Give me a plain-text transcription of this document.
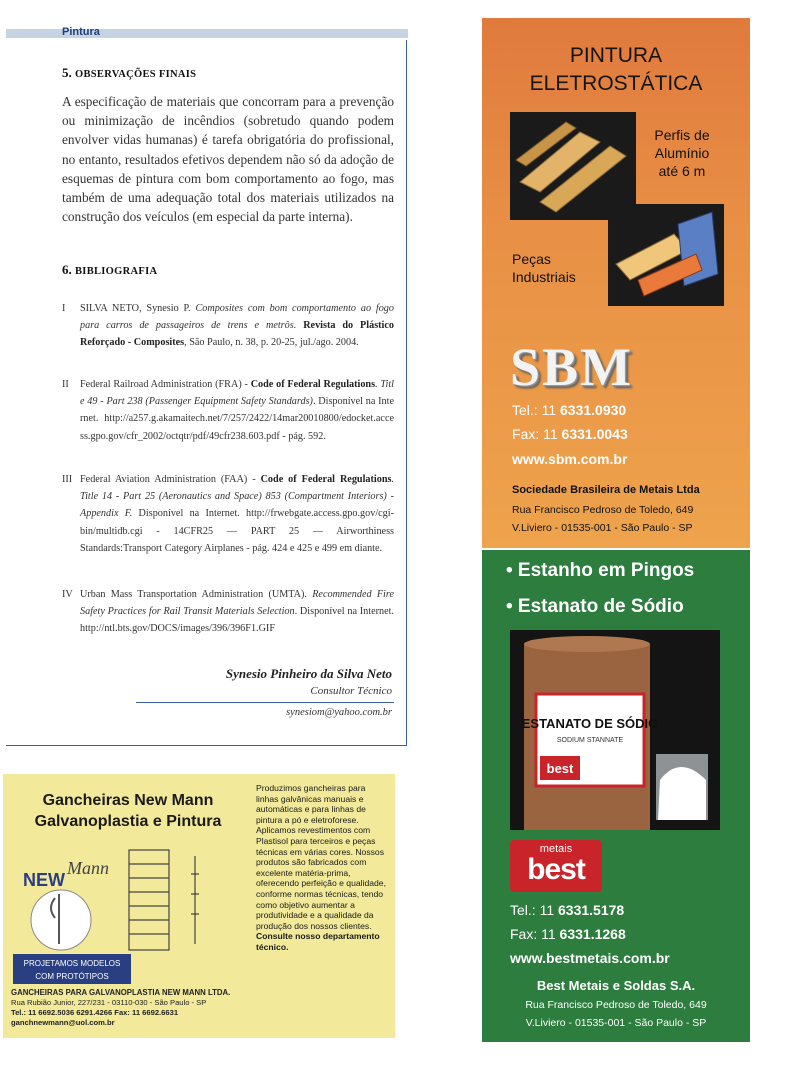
Pintura
5. OBSERVAÇÕES FINAIS
A especificação de materiais que concorram para a prevenção ou minimização de incêndios (sobretudo quando podem envolver vidas humanas) é tarefa obrigatória do profissional, no entanto, resultados efetivos dependem não só da adoção de esquemas de pintura com bom comportamento ao fogo, mas também de uma adequação total dos materiais utilizados na construção dos veículos (em especial da parte interna).
6. BIBLIOGRAFIA
I	SILVA NETO, Synesio P. Composites com bom comportamento ao fogo para carros de passageiros de trens e metrôs. Revista do Plástico Reforçado - Composites, São Paulo, n. 38, p. 20-25, jul./ago. 2004.
II	Federal Railroad Administration (FRA) - Code of Federal Regulations. Title 49 - Part 238 (Passenger Equipment Safety Standards). Disponível na Internet. http://a257.g.akamaitech.net/7/257/2422/14mar20010800/edocket.access.gpo.gov/cfr_2002/octqtr/pdf/49cfr238.603.pdf - pág. 592.
III Federal Aviation Administration (FAA) - Code of Federal Regulations. Title 14 - Part 25 (Aeronautics and Space) 853 (Compartment Interiors) - Appendix F. Disponível na Internet. http://frwebgate.access.gpo.gov/cgi-bin/multidb.cgi - 14CFR25 — PART 25 — Airworthiness Standards:Transport Category Airplanes - pág. 424 e 425 e 499 em diante.
IV Urban Mass Transportation Administration (UMTA). Recommended Fire Safety Practices for Rail Transit Materials Selection. Disponível na Internet. http://ntl.bts.gov/DOCS/images/396/396F1.GIF
Synesio Pinheiro da Silva Neto
Consultor Técnico
synesiom@yahoo.com.br
Gancheiras New Mann
Galvanoplastia e Pintura
NEW
Mann
PROJETAMOS MODELOS
COM PROTÓTIPOS
GANCHEIRAS PARA GALVANOPLASTIA NEW MANN LTDA.
Rua Rubião Junior, 227/231 - 03110-030 - São Paulo - SP
Tel.: 11 6692.5036 6291.4266 Fax: 11 6692.6631
ganchnewmann@uol.com.br
Produzimos gancheiras para linhas galvânicas manuais e automáticas e para linhas de pintura a pó e eletroforese. Aplicamos revestimentos com Plastisol para terceiros e peças técnicas em várias cores. Nossos produtos são fabricados com excelente matéria-prima, oferecendo perfeição e qualidade, conforme normas técnicas, tendo como objetivo aumentar a produtividade e a qualidade da produção dos nossos clientes. Consulte nosso departamento técnico.
PINTURA
ELETROSTÁTICA
Perfis de
Alumínio
até 6 m
Peças
Industriais
SBM
Tel.: 11 6331.0930
Fax: 11 6331.0043
www.sbm.com.br
Sociedade Brasileira de Metais Ltda
Rua Francisco Pedroso de Toledo, 649
V.Liviero - 01535-001 - São Paulo - SP
• Estanho em Pingos
• Estanato de Sódio
ESTANATO DE SÓDIO
SODIUM STANNATE
best
metais
best
Tel.: 11 6331.5178
Fax: 11 6331.1268
www.bestmetais.com.br
Best Metais e Soldas S.A.
Rua Francisco Pedroso de Toledo, 649
V.Liviero - 01535-001 - São Paulo - SP
